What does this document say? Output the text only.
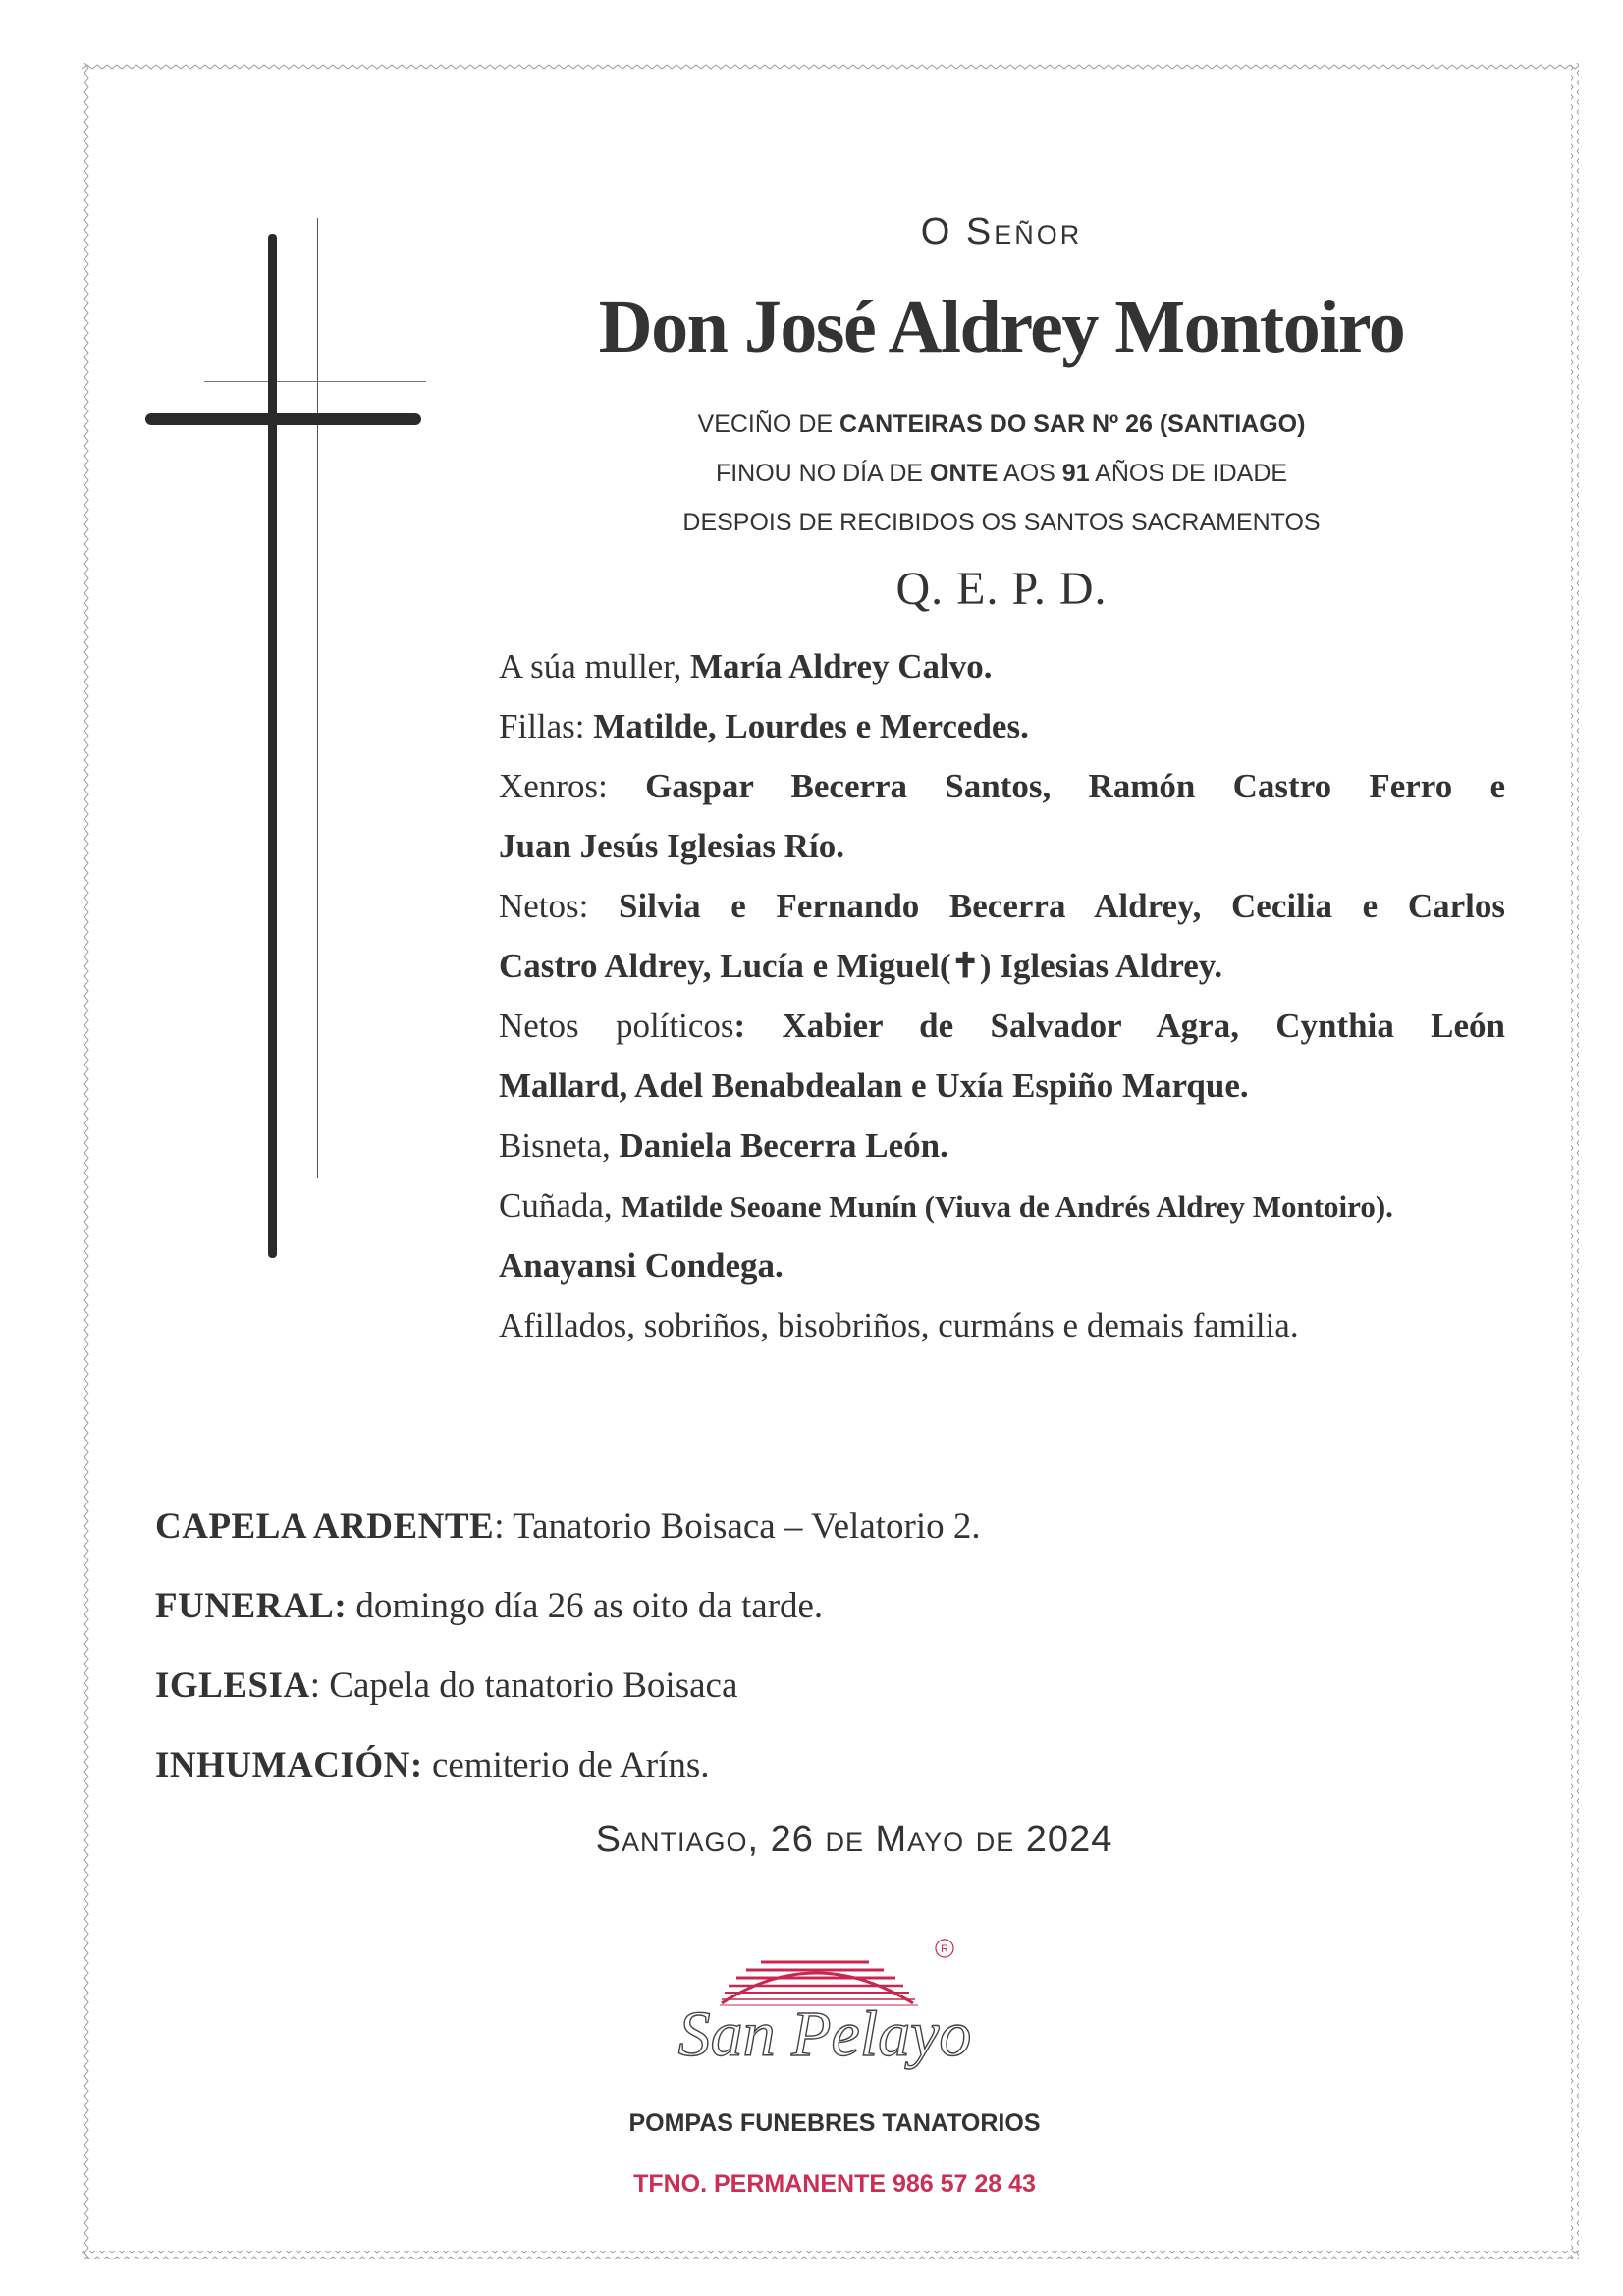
O Señor
Don José Aldrey Montoiro
VECIÑO DE CANTEIRAS DO SAR Nº 26 (SANTIAGO)
FINOU NO DÍA DE ONTE AOS 91 AÑOS DE IDADE
DESPOIS DE RECIBIDOS OS SANTOS SACRAMENTOS
Q. E. P. D.

A súa muller, María Aldrey Calvo.

Fillas: Matilde, Lourdes e Mercedes.

Xenros: Gaspar Becerra Santos, Ramón Castro Ferro e

Juan Jesús Iglesias Río.

Netos: Silvia e Fernando Becerra Aldrey, Cecilia e Carlos

Castro Aldrey, Lucía e Miguel(✝) Iglesias Aldrey.

Netos políticos: Xabier de Salvador Agra, Cynthia León

Mallard, Adel Benabdealan e Uxía Espiño Marque.

Bisneta, Daniela Becerra León.

Cuñada, Matilde Seoane Munín (Viuva de Andrés Aldrey Montoiro).

Anayansi Condega.

Afillados, sobriños, bisobriños, curmáns e demais familia.

CAPELA ARDENTE: Tanatorio Boisaca – Velatorio 2.

FUNERAL: domingo día 26 as oito da tarde.

IGLESIA: Capela do tanatorio Boisaca

INHUMACIÓN: cemiterio de Aríns.

Santiago, 26 de Mayo de 2024
R
San Pelayo
POMPAS FUNEBRES TANATORIOS
TFNO. PERMANENTE 986 57 28 43
